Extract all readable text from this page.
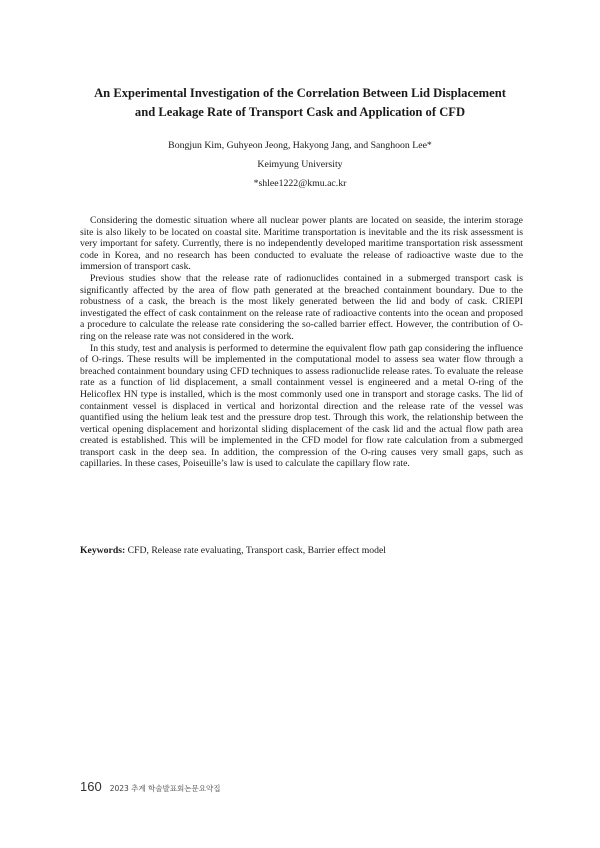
An Experimental Investigation of the Correlation Between Lid Displacement
and Leakage Rate of Transport Cask and Application of CFD
Bongjun Kim, Guhyeon Jeong, Hakyong Jang, and Sanghoon Lee*
Keimyung University
*shlee1222@kmu.ac.kr

Considering the domestic situation where all nuclear power plants are located on seaside, the interim storage site is also likely to be located on coastal site. Maritime transportation is inevitable and the its risk assessment is very important for safety. Currently, there is no independently developed maritime transportation risk assessment code in Korea, and no research has been conducted to evaluate the release of radioactive waste due to the immersion of transport cask.

Previous studies show that the release rate of radionuclides contained in a submerged transport cask is significantly affected by the area of flow path generated at the breached containment boundary. Due to the robustness of a cask, the breach is the most likely generated between the lid and body of cask. CRIEPI investigated the effect of cask containment on the release rate of radioactive contents into the ocean and proposed a procedure to calculate the release rate considering the so-called barrier effect. However, the contribution of O-ring on the release rate was not considered in the work.

In this study, test and analysis is performed to determine the equivalent flow path gap considering the influence of O-rings. These results will be implemented in the computational model to assess sea water flow through a breached containment boundary using CFD techniques to assess radionuclide release rates. To evaluate the release rate as a function of lid displacement, a small containment vessel is engineered and a metal O-ring of the Helicoflex HN type is installed, which is the most commonly used one in transport and storage casks. The lid of containment vessel is displaced in vertical and horizontal direction and the release rate of the vessel was quantified using the helium leak test and the pressure drop test. Through this work, the relationship between the vertical opening displacement and horizontal sliding displacement of the cask lid and the actual flow path area created is established. This will be implemented in the CFD model for flow rate calculation from a submerged transport cask in the deep sea. In addition, the compression of the O-ring causes very small gaps, such as capillaries. In these cases, Poiseuille’s law is used to calculate the capillary flow rate.

Keywords: CFD, Release rate evaluating, Transport cask, Barrier effect model
160 2023 추계 학술발표회논문요약집
